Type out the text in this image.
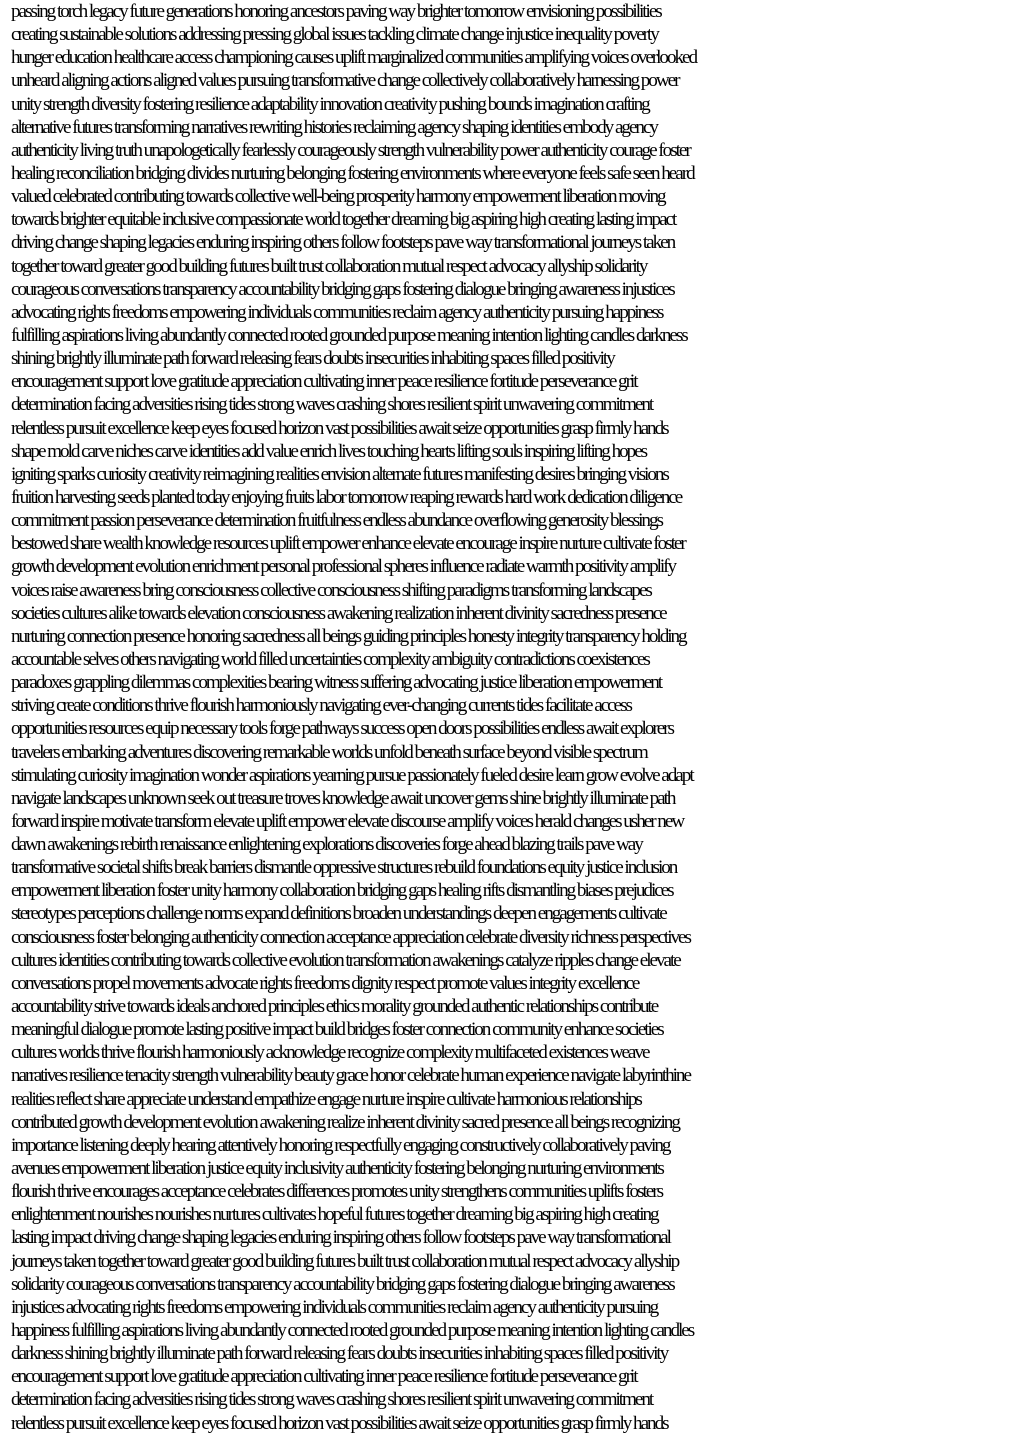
passing torch legacy future generations honoring ancestors paving way brighter tomorrow envisioning possibilities
creating sustainable solutions addressing pressing global issues tackling climate change injustice inequality poverty
hunger education healthcare access championing causes uplift marginalized communities amplifying voices overlooked
unheard aligning actions aligned values pursuing transformative change collectively collaboratively harnessing power
unity strength diversity fostering resilience adaptability innovation creativity pushing bounds imagination crafting
alternative futures transforming narratives rewriting histories reclaiming agency shaping identities embody agency
authenticity living truth unapologetically fearlessly courageously strength vulnerability power authenticity courage foster
healing reconciliation bridging divides nurturing belonging fostering environments where everyone feels safe seen heard
valued celebrated contributing towards collective well-being prosperity harmony empowerment liberation moving
towards brighter equitable inclusive compassionate world together dreaming big aspiring high creating lasting impact
driving change shaping legacies enduring inspiring others follow footsteps pave way transformational journeys taken
together toward greater good building futures built trust collaboration mutual respect advocacy allyship solidarity
courageous conversations transparency accountability bridging gaps fostering dialogue bringing awareness injustices
advocating rights freedoms empowering individuals communities reclaim agency authenticity pursuing happiness
fulfilling aspirations living abundantly connected rooted grounded purpose meaning intention lighting candles darkness
shining brightly illuminate path forward releasing fears doubts insecurities inhabiting spaces filled positivity
encouragement support love gratitude appreciation cultivating inner peace resilience fortitude perseverance grit
determination facing adversities rising tides strong waves crashing shores resilient spirit unwavering commitment
relentless pursuit excellence keep eyes focused horizon vast possibilities await seize opportunities grasp firmly hands
shape mold carve niches carve identities add value enrich lives touching hearts lifting souls inspiring lifting hopes
igniting sparks curiosity creativity reimagining realities envision alternate futures manifesting desires bringing visions
fruition harvesting seeds planted today enjoying fruits labor tomorrow reaping rewards hard work dedication diligence
commitment passion perseverance determination fruitfulness endless abundance overflowing generosity blessings
bestowed share wealth knowledge resources uplift empower enhance elevate encourage inspire nurture cultivate foster
growth development evolution enrichment personal professional spheres influence radiate warmth positivity amplify
voices raise awareness bring consciousness collective consciousness shifting paradigms transforming landscapes
societies cultures alike towards elevation consciousness awakening realization inherent divinity sacredness presence
nurturing connection presence honoring sacredness all beings guiding principles honesty integrity transparency holding
accountable selves others navigating world filled uncertainties complexity ambiguity contradictions coexistences
paradoxes grappling dilemmas complexities bearing witness suffering advocating justice liberation empowerment
striving create conditions thrive flourish harmoniously navigating ever-changing currents tides facilitate access
opportunities resources equip necessary tools forge pathways success open doors possibilities endless await explorers
travelers embarking adventures discovering remarkable worlds unfold beneath surface beyond visible spectrum
stimulating curiosity imagination wonder aspirations yearning pursue passionately fueled desire learn grow evolve adapt
navigate landscapes unknown seek out treasure troves knowledge await uncover gems shine brightly illuminate path
forward inspire motivate transform elevate uplift empower elevate discourse amplify voices herald changes usher new
dawn awakenings rebirth renaissance enlightening explorations discoveries forge ahead blazing trails pave way
transformative societal shifts break barriers dismantle oppressive structures rebuild foundations equity justice inclusion
empowerment liberation foster unity harmony collaboration bridging gaps healing rifts dismantling biases prejudices
stereotypes perceptions challenge norms expand definitions broaden understandings deepen engagements cultivate
consciousness foster belonging authenticity connection acceptance appreciation celebrate diversity richness perspectives
cultures identities contributing towards collective evolution transformation awakenings catalyze ripples change elevate
conversations propel movements advocate rights freedoms dignity respect promote values integrity excellence
accountability strive towards ideals anchored principles ethics morality grounded authentic relationships contribute
meaningful dialogue promote lasting positive impact build bridges foster connection community enhance societies
cultures worlds thrive flourish harmoniously acknowledge recognize complexity multifaceted existences weave
narratives resilience tenacity strength vulnerability beauty grace honor celebrate human experience navigate labyrinthine
realities reflect share appreciate understand empathize engage nurture inspire cultivate harmonious relationships
contributed growth development evolution awakening realize inherent divinity sacred presence all beings recognizing
importance listening deeply hearing attentively honoring respectfully engaging constructively collaboratively paving
avenues empowerment liberation justice equity inclusivity authenticity fostering belonging nurturing environments
flourish thrive encourages acceptance celebrates differences promotes unity strengthens communities uplifts fosters
enlightenment nourishes nourishes nurtures cultivates hopeful futures together dreaming big aspiring high creating
lasting impact driving change shaping legacies enduring inspiring others follow footsteps pave way transformational
journeys taken together toward greater good building futures built trust collaboration mutual respect advocacy allyship
solidarity courageous conversations transparency accountability bridging gaps fostering dialogue bringing awareness
injustices advocating rights freedoms empowering individuals communities reclaim agency authenticity pursuing
happiness fulfilling aspirations living abundantly connected rooted grounded purpose meaning intention lighting candles
darkness shining brightly illuminate path forward releasing fears doubts insecurities inhabiting spaces filled positivity
encouragement support love gratitude appreciation cultivating inner peace resilience fortitude perseverance grit
determination facing adversities rising tides strong waves crashing shores resilient spirit unwavering commitment
relentless pursuit excellence keep eyes focused horizon vast possibilities await seize opportunities grasp firmly hands
